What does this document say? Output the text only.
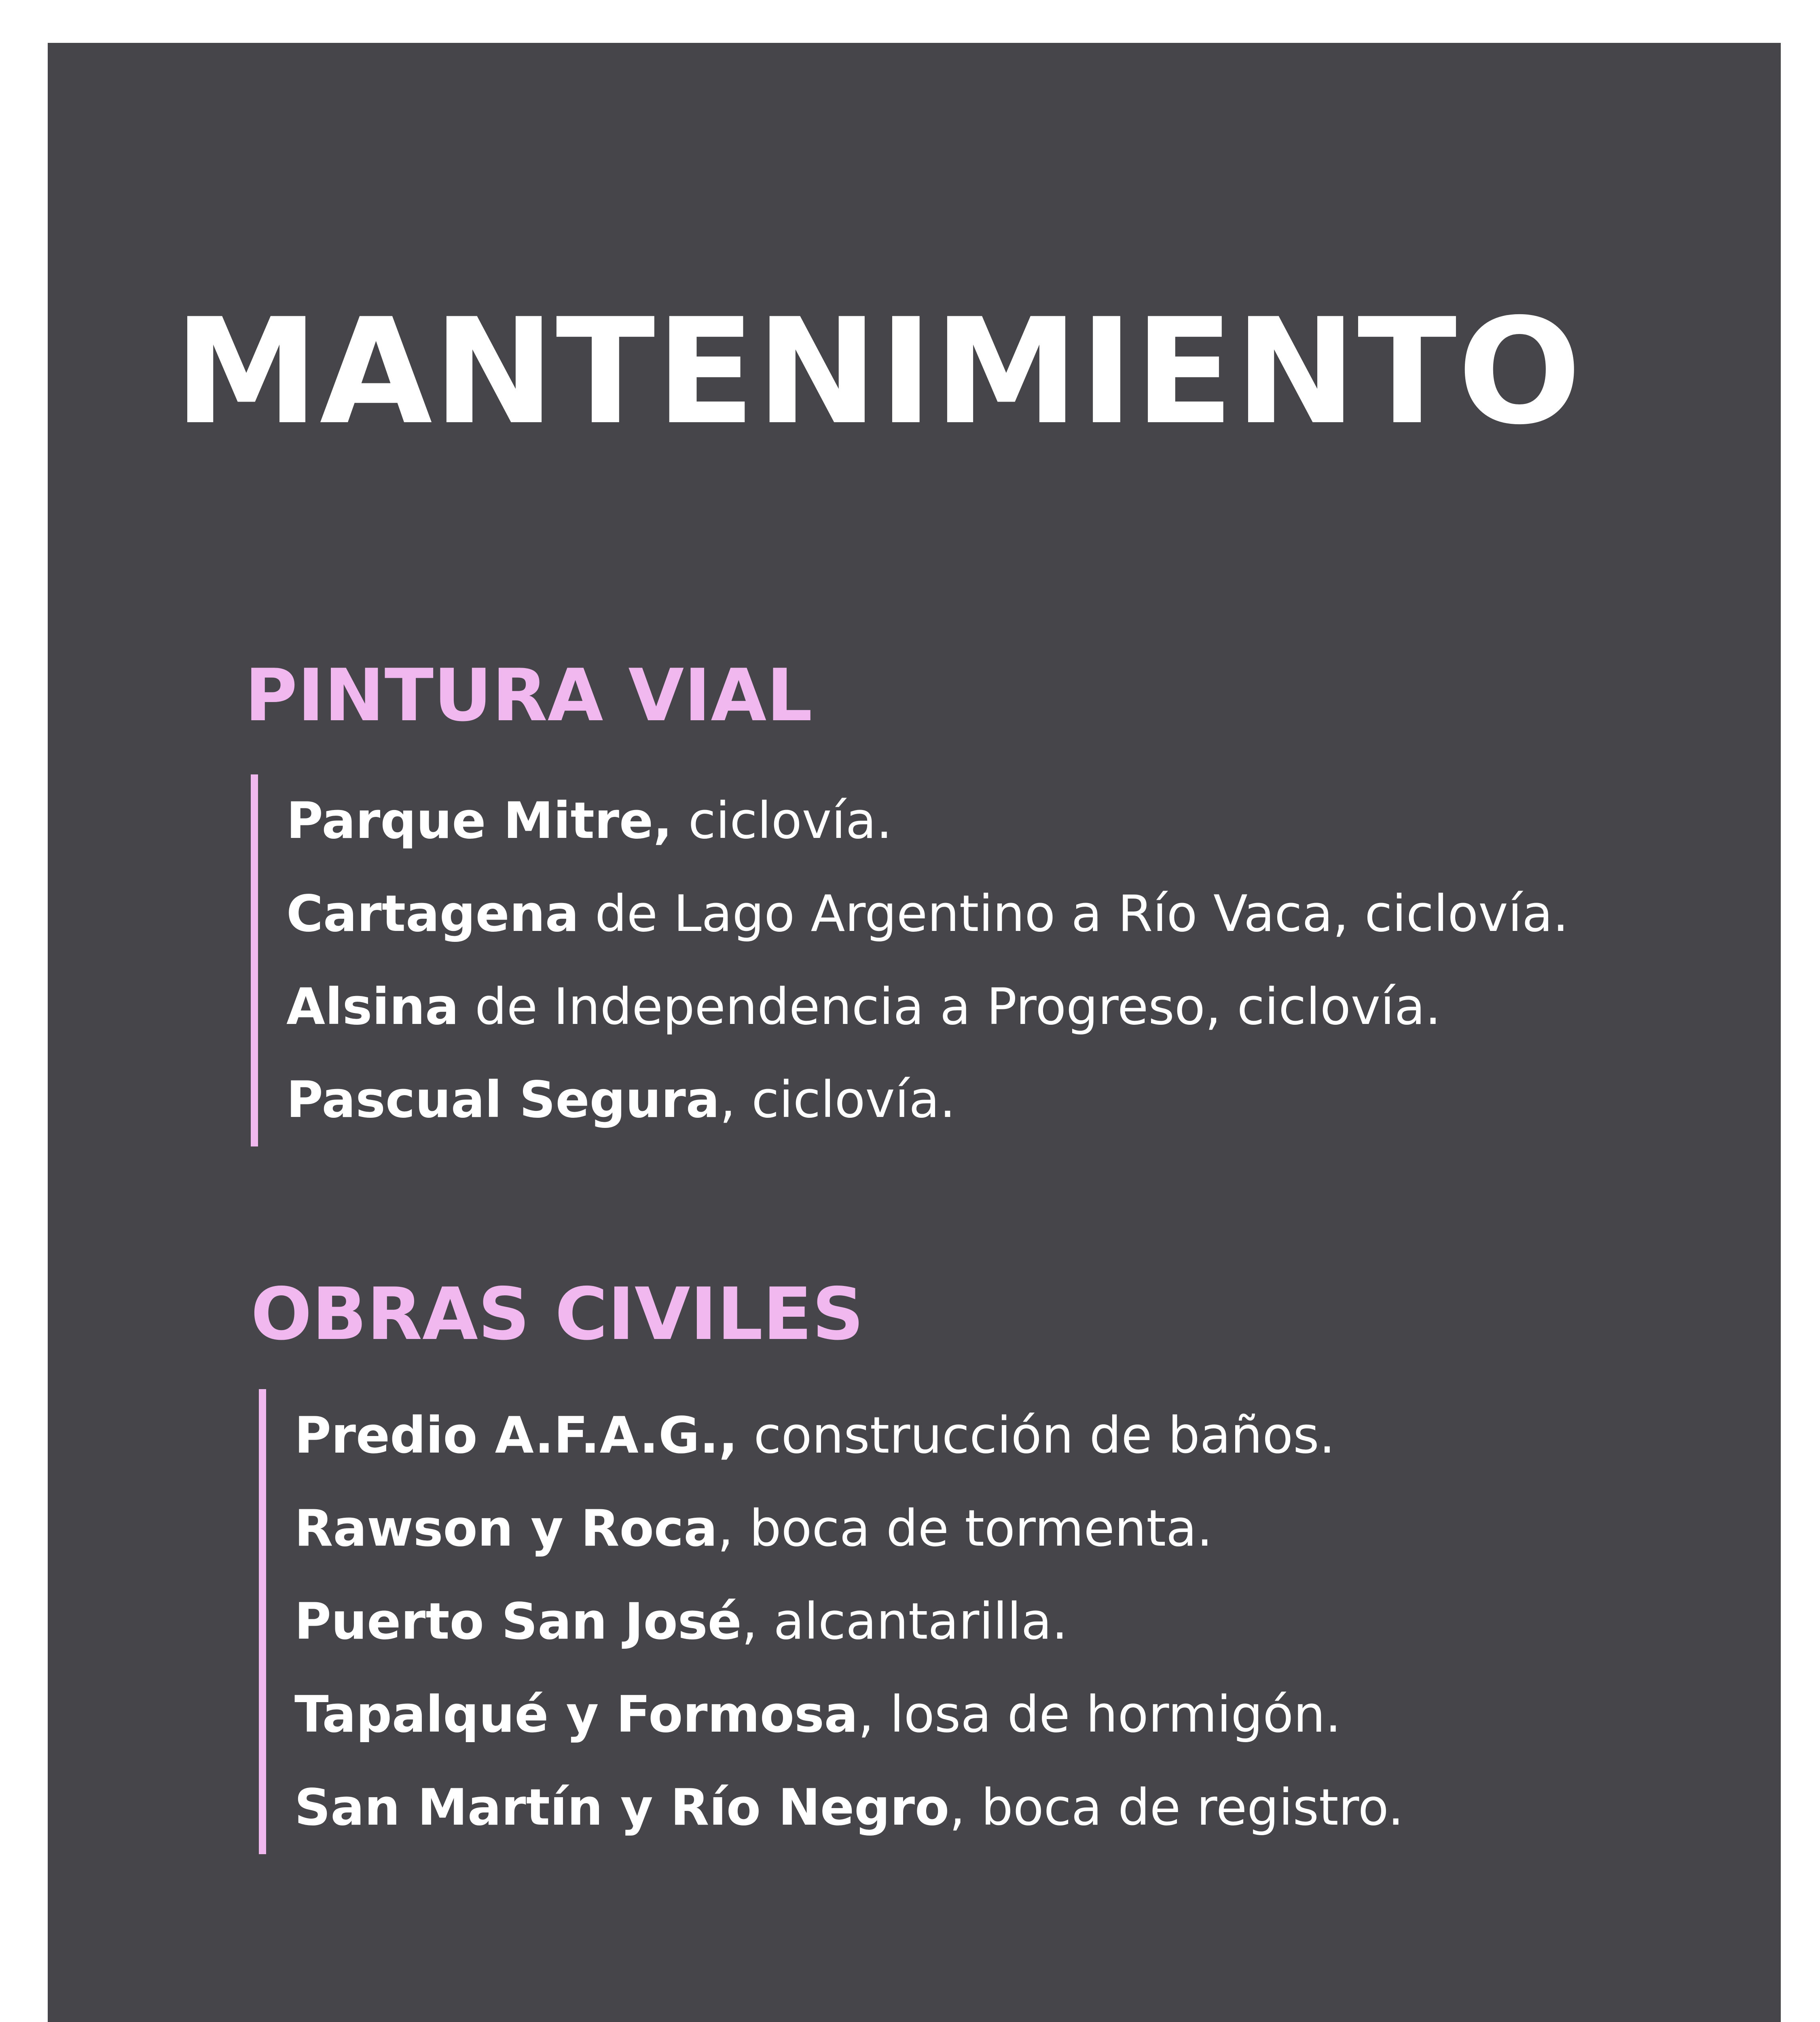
MANTENIMIENTO
PINTURA VIAL
Parque Mitre, ciclovía.
Cartagena de Lago Argentino a Río Vaca, ciclovía.
Alsina de Independencia a Progreso, ciclovía.
Pascual Segura, ciclovía.
OBRAS CIVILES
Predio A.F.A.G., construcción de baños.
Rawson y Roca, boca de tormenta.
Puerto San José, alcantarilla.
Tapalqué y Formosa, losa de hormigón.
San Martín y Río Negro, boca de registro.
